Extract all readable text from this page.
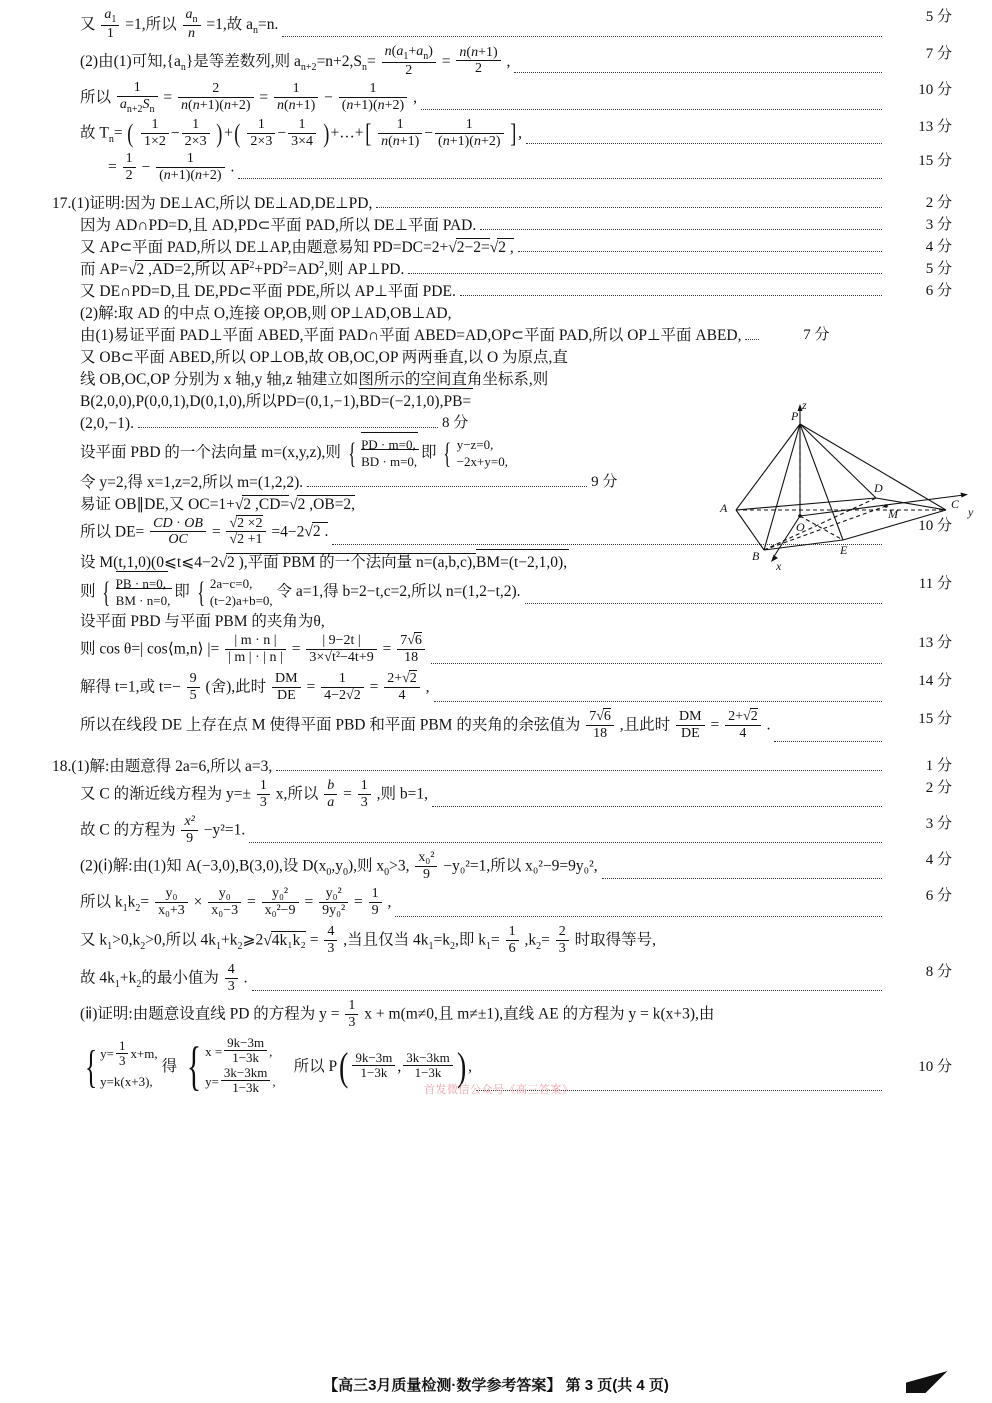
又 $\frac{a_1}{1} =1$,所以 $\frac{a_n}{n} =1$,故 $a_n=n$.	5 分
(2)由(1)可知$,\{a_n\}$是等差数列,则 $a_{n+2}=n+2,S_n= \frac{n(a_1+a_n)}{2} = \frac{n(n+1)}{2}$ ,	7 分
所以 $\frac{1}{a_{n+2}S_n} = \frac{2}{n(n+1)(n+2)} = \frac{1}{n(n+1)} - \frac{1}{(n+1)(n+2)}$ ,	10 分
故 $T_n=$ ( $\frac{1}{1\times 2} - \frac{1}{2\times 3}$ )+( $\frac{1}{2\times 3} - \frac{1}{3\times 4}$ )+…+[ $\frac{1}{n(n+1)} - \frac{1}{(n+1)(n+2)}$ ],	13 分
= $\frac{1}{2} - \frac{1}{(n+1)(n+2)}$ .	15 分
17.(1)证明:因为 DE⊥AC,所以 DE⊥AD,DE⊥PD,	2 分
因为 AD∩PD=D,且 AD,PD⊂平面 PAD,所以 DE⊥平面 PAD.	3 分
又 AP⊂平面 PAD,所以 DE⊥AP,由题意易知 PD=DC=2+ √ 2−2= √ 2 ,	4 分
而 AP= √ 2 ,AD=2,所以 $AP^2+PD^2=AD^2$,则 AP⊥PD.	5 分
又 DE∩PD=D,且 DE,PD⊂平面 PDE,所以 AP⊥平面 PDE.	6 分
(2)解:取 AD 的中点 O,连接 OP,OB,则 OP⊥AD,OB⊥AD,
由(1)易证平面 PAD⊥平面 ABED,平面 PAD∩平面 ABED=AD,OP⊂平面 PAD,所以 OP⊥平面 ABED,	7 分
又 OB⊂平面 ABED,所以 OP⊥OB,故 OB,OC,OP 两两垂直,以 O 为原点,直
线 OB,OC,OP 分别为 x 轴,y 轴,z 轴建立如图所示的空间直角坐标系,则
B(2,0,0),P(0,0,1),D(0,1,0),所以PD=(0,1,−1),BD=(−2,1,0),PB=
(2,0,−1).	8 分
设平面 PBD 的一个法向量 m=(x,y,z),则 { PD · m=0,
BD · m=0,
即 { y−z=0,
−2x+y=0,
令 y=2,得 x=1,z=2,所以 m=(1,2,2).	9 分
易证 OB∥DE,又 OC=1+ √ 2 ,CD= √ 2 ,OB=2,
所以 $DE= \frac{CD \cdot OB}{OC}$ = √ 2 ×2
√ 2 +1 =4−2 √ 2 .	10 分
设 M(t,1,0)(0⩽t⩽4−2 √ 2 ),平面 PBM 的一个法向量 n=(a,b,c),BM=(t−2,1,0),
则 { PB · n=0,
BM · n=0,
即 { 2a−c=0,
(t−2)a+b=0,
令 a=1,得 b=2−t,c=2,所以 n=(1,2−t,2).	11 分
设平面 PBD 与平面 PBM 的夹角为θ,
则 cos θ=| cos⟨m,n⟩ |= $\frac{| m \cdot n |}{| m | \cdot | n |} = \frac{| 9-2t |}{\text{3× √ t²−4t+9}} = \frac{7 √ 6}{18}$	13 分
解得 t=1,或 $t=- \frac{9}{5}$ (舍),此时 $\frac{DM}{DE} = \frac{1}{4-2 √ 2} = \frac{2+ √ 2}{4}$ ,	14 分
所以在线段 DE 上存在点 M 使得平面 PBD 和平面 PBM 的夹角的余弦值为 $\frac{7 √ 6}{18}$ ,且此时 $\frac{DM}{DE} = \frac{2+ √ 2}{4}$ .	15 分
18.(1)解:由题意得 2a=6,所以 a=3,	1 分
又 C 的渐近线方程为 $y=\pm \frac{1}{3} x$,所以 $\frac{b}{a} = \frac{1}{3}$ ,则 b=1,	2 分
故 C 的方程为 $\frac{\text{x²}}{9} -y^2=1$.	3 分
(2)(ⅰ)解:由(1)知 A(−3,0),B(3,0),设 $D(x_0,y_0)$,则 $x_0>3$, $\frac{\text{x₀²}}{9} -y_0^2=1$,所以 x₀²−9=9y₀²,	4 分
所以 $k_1k_2= \frac{\text{y₀}}{\text{x₀+3}} \times \frac{\text{y₀}}{\text{x₀−3}} = \frac{\text{y₀²}}{\text{x₀²−9}} = \frac{\text{y₀²}}{\text{9y₀²}} = \frac{1}{9}$ ,	6 分
又 $k_1>0,k_2>0$,所以 $4k_1+k_2⩾2$ √ $4k_1k_2 = \frac{4}{3}$ ,当且仅当 $4k_1=k_2$,即 $k_1= \frac{1}{6} ,k_2= \frac{2}{3}$ 时取得等号,
故 $4k_1+k_2$的最小值为 $\frac{4}{3}$ .	8 分
(ⅱ)证明:由题意设直线 PD 的方程为 $y = \frac{1}{3}$ x + m(m≠0,且 m≠±1),直线 AE 的方程为 y = k(x+3),由
{ $y= \frac{1}{3} x+m$,
y=k(x+3),
得 { $x = \frac{9k-3m}{1-3k}$ ,
$y= \frac{3k-3km}{1-3k}$ ,
所以 P ( $\frac{9k-3m}{1-3k}$ , $\frac{3k-3km}{1-3k}$ ) ,	10 分
z
P
A
D
C
y
O
M
B	E
x
首发微信公众号《高三答案》
【高三3月质量检测·数学参考答案】 第 3 页(共 4 页)
